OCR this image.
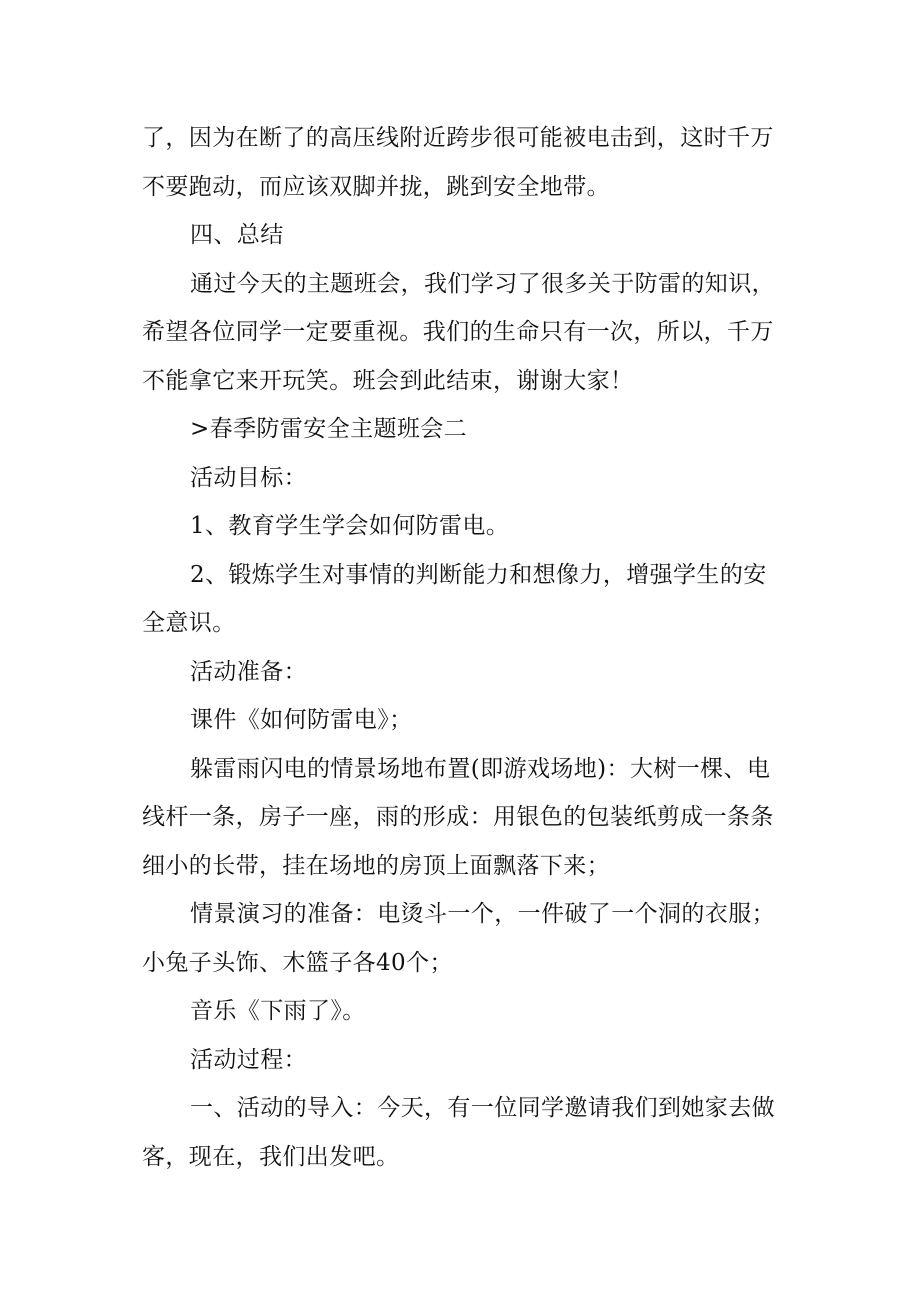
了，因为在断了的高压线附近跨步很可能被电击到，这时千万不要跑动，而应该双脚并拢，跳到安全地带。

四、总结

通过今天的主题班会，我们学习了很多关于防雷的知识，希望各位同学一定要重视。我们的生命只有一次，所以，千万不能拿它来开玩笑。班会到此结束，谢谢大家！

>春季防雷安全主题班会二

活动目标：

1、教育学生学会如何防雷电。

2、锻炼学生对事情的判断能力和想像力，增强学生的安全意识。

活动准备：

课件《如何防雷电》；

躲雷雨闪电的情景场地布置(即游戏场地)：大树一棵、电线杆一条，房子一座，雨的形成：用银色的包装纸剪成一条条细小的长带，挂在场地的房顶上面飘落下来；

情景演习的准备：电烫斗一个，一件破了一个洞的衣服；小兔子头饰、木篮子各40个；

音乐《下雨了》。

活动过程：

一、活动的导入：今天，有一位同学邀请我们到她家去做客，现在，我们出发吧。
